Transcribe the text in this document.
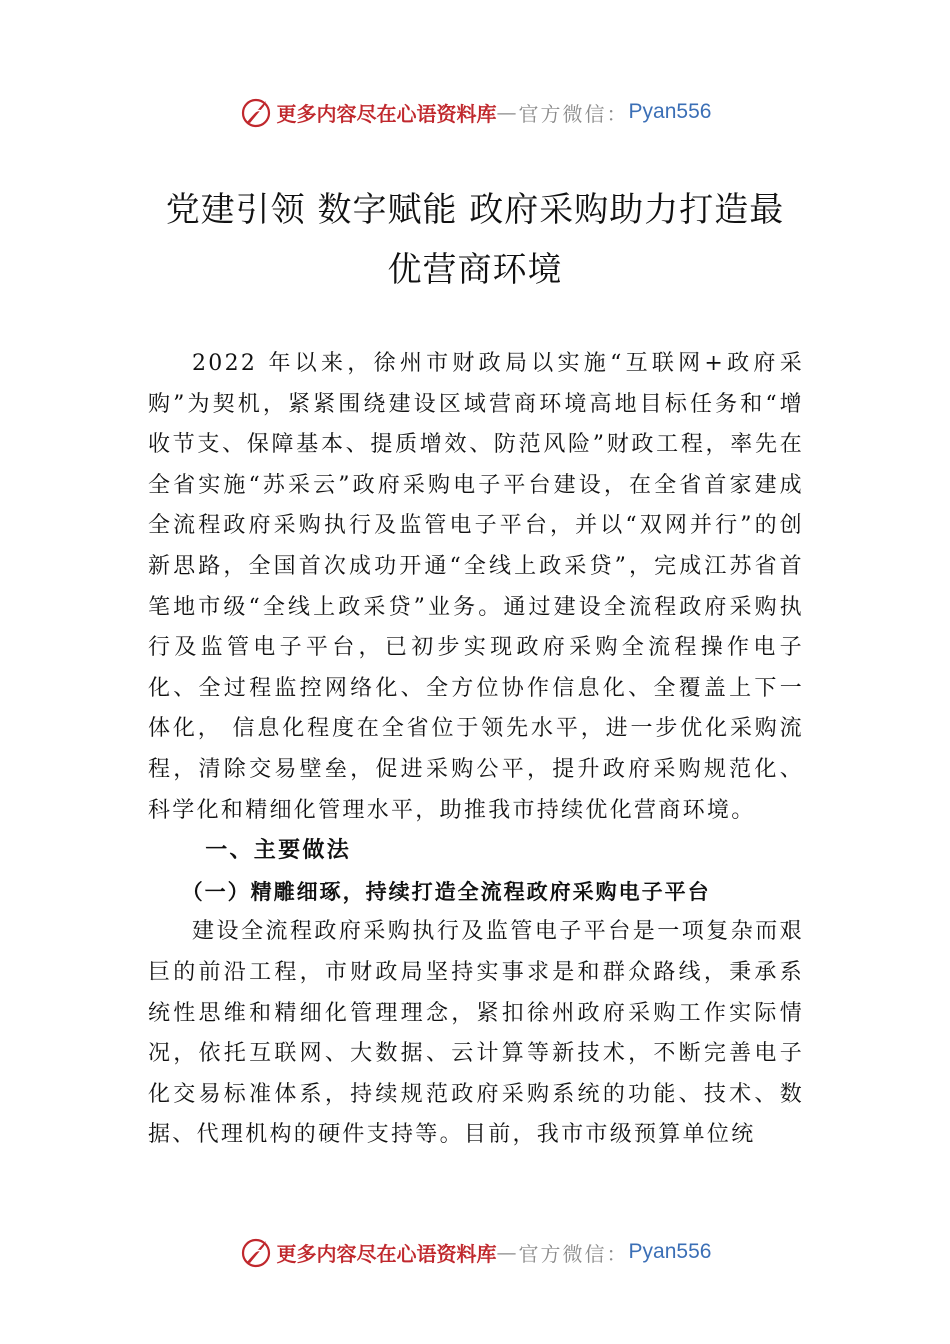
更多内容尽在心语资料库 — 官方微信： Pyan556
党建引领 数字赋能 政府采购助力打造最
优营商环境

2022 年以来，徐州市财政局以实施“互联网+政府采购”为契机，紧紧围绕建设区域营商环境高地目标任务和“增收节支、保障基本、提质增效、防范风险”财政工程，率先在全省实施“苏采云”政府采购电子平台建设，在全省首家建成全流程政府采购执行及监管电子平台，并以“双网并行”的创新思路，全国首次成功开通“全线上政采贷”，完成江苏省首笔地市级“全线上政采贷”业务。通过建设全流程政府采购执行及监管电子平台，已初步实现政府采购全流程操作电子化、全过程监控网络化、全方位协作信息化、全覆盖上下一体化， 信息化程度在全省位于领先水平，进一步优化采购流程，清除交易壁垒，促进采购公平，提升政府采购规范化、科学化和精细化管理水平，助推我市持续优化营商环境。

一、主要做法
（一）精雕细琢，持续打造全流程政府采购电子平台

建设全流程政府采购执行及监管电子平台是一项复杂而艰巨的前沿工程，市财政局坚持实事求是和群众路线，秉承系统性思维和精细化管理理念，紧扣徐州政府采购工作实际情况，依托互联网、大数据、云计算等新技术，不断完善电子化交易标准体系，持续规范政府采购系统的功能、技术、数据、代理机构的硬件支持等。目前，我市市级预算单位统

更多内容尽在心语资料库 — 官方微信： Pyan556
